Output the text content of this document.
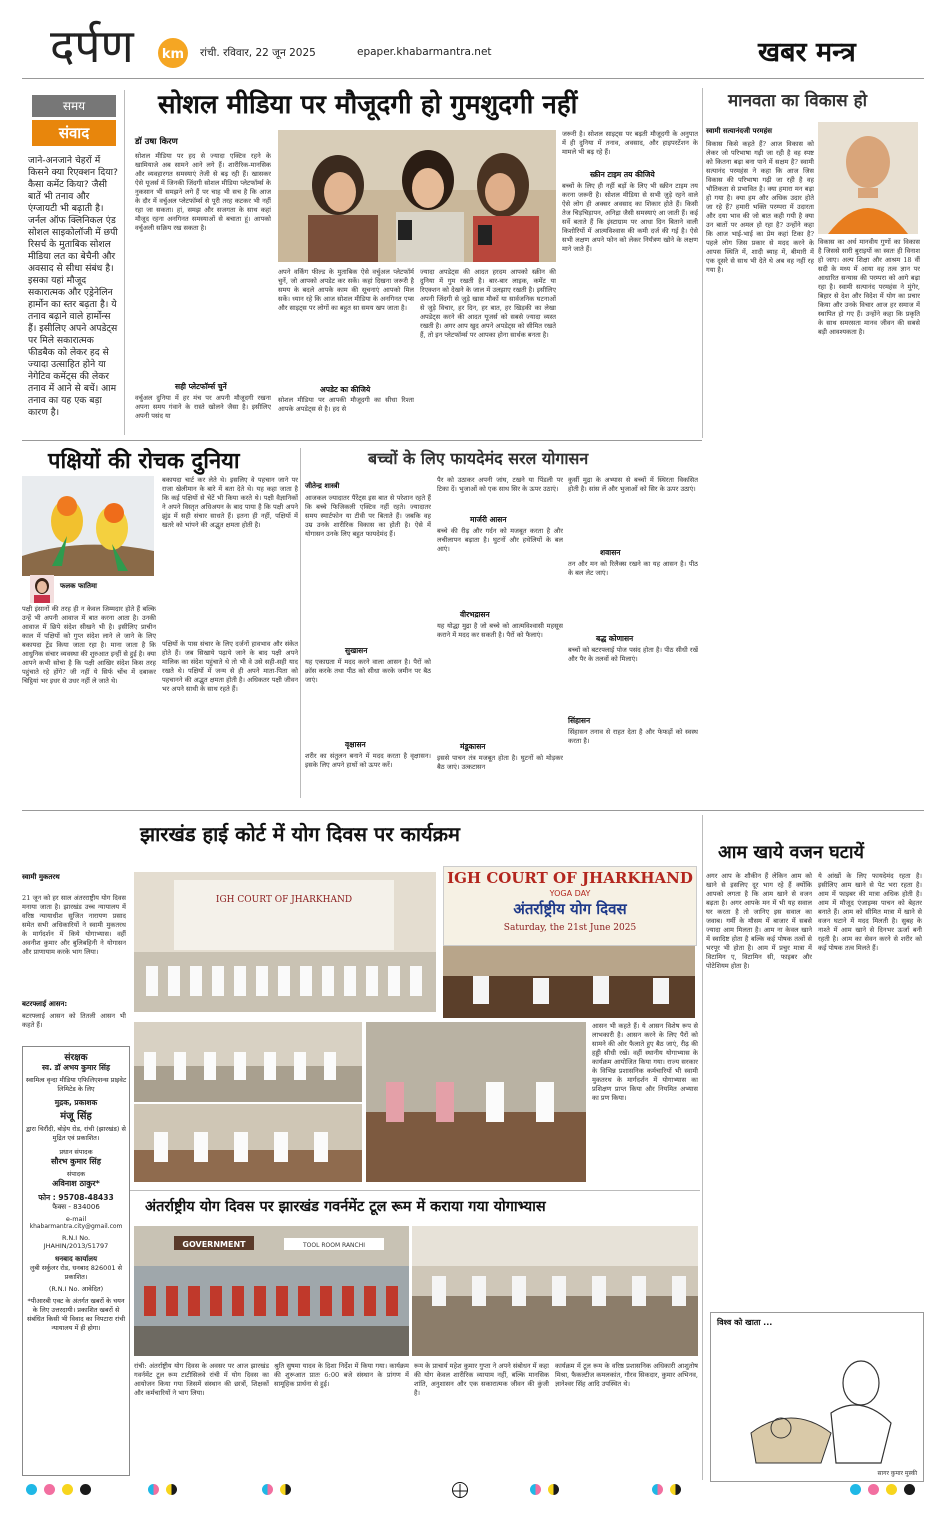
दर्पण km रांची. रविवार, 22 जून 2025	epaper.khabarmantra.net	खबर मन्त्र
समय
संवाद
जाने-अनजाने चेहरों में किसने क्या रिएक्शन दिया? कैसा कमेंट किया? जैसी बातें भी तनाव और एंग्जायटी भी बढ़ाती है। जर्नल ऑफ क्लिनिकल एंड सोशल साइकोलॉजी में छपी रिसर्च के मुताबिक सोशल मीडिया लत का बेचैनी और अवसाद से सीधा संबंध है। इसका यहां मौजूद सकारात्मक और एड्रेनेलिन हार्मोन का स्तर बढ़ता है। ये तनाव बढ़ाने वाले हार्मोन्स हैं। इसीलिए अपने अपडेट्स पर मिले सकारात्मक फीडबैक को लेकर हद से ज्यादा उत्साहित होने या नेगेटिव कमेंट्स की लेकर तनाव में आने से बचें। आम तनाव का यह एक बड़ा कारण है।
सोशल मीडिया पर मौजूदगी हो गुमशुदगी नहीं
डॉ उषा किरण
सोशल मीडिया पर हद से ज्यादा एक्टिव रहने के खामियाजे अब सामने आने लगे हैं। शारीरिक-मानसिक और व्यवहारगत समस्याएं तेजी से बढ़ रही हैं। खासकर ऐसे यूजर्स में जिनकी जिंदगी सोशल मीडिया प्लेटफॉर्म्स के नुकसान भी समझने लगे हैं पर चाह भी सच है कि आज के दौर में वर्चुअल प्लेटफॉर्म्स से पूरी तरह कटकर भी नहीं रहा जा सकता। हां, समझ और सजगता के साथ कहां मौजूद रहना अनगिनत समस्याओं से बचाता हूं। आपको वर्चुअली सक्रिय रख सकता है।
सही प्लेटफॉर्म्स चुनें
वर्चुअल दुनिया में हर मंच पर अपनी मौजूदगी रखना अपना समय गंवाने के रास्ते खोलने जैसा है। इसीलिए अपनी पसंद या
अपने वर्किंग फील्ड के मुताबिक ऐसे वर्चुअल प्लेटफॉर्म चुनें, जो आपको अपडेट कर सकें। कहां दिखना जरूरी है समय के बदले आपके काम की सूचनाएं आपको मिल सकें। ध्यान रहे कि आज सोशल मीडिया के अनगिनत एप्स और साइट्स पर लोगों का बहुत सा समय खप जाता है।
अपडेट का कीजिये
सोशल मीडिया पर आपकी मौजूदगी का सीधा रिश्ता आपके अपडेट्स से है। हद से
ज्यादा अपडेट्स की आदत हरदम आपको स्क्रीन की दुनिया में गुम रखती है। बार-बार लाइक, कमेंट या रिएक्शन को देखने के जाल में उलझाए रखती है। इसीलिए अपनी जिंदगी से जुड़े खास मौकों या सार्वजनिक घटनाओं से जुड़े विचार, हर दिन, हर बात, हर खिड़की का लेखा अपडेट्स करने की आदत यूजर्स को सबसे ज्यादा व्यस्त रखती है। अगर आप खुद अपने अपडेट्स को सीमित रखते हैं, तो इन प्लेटफॉर्म्स पर आपका होना सार्थक बनता है।
जरूरी है। सोशल साइट्स पर बढ़ती मौजूदगी के अनुपात में ही दुनिया में तनाव, अवसाद, और हाइपरटेंशन के मामले भी बढ़ रहे हैं।
स्क्रीन टाइम तय कीजिये
बच्चों के लिए ही नहीं बड़ों के लिए भी स्क्रीन टाइम तय करना जरूरी है। सोशल मीडिया से सभी ज़ुड़े रहने वाले ऐसे लोग ही अक्सर अवसाद का शिकार होते हैं। किसी तेज चिड़चिड़ापन, अनिद्रा जैसी समस्याएं आ जाती हैं। कई सर्वे बताते हैं कि इंस्टाग्राम पर आधा दिन बिताने वाली किशोरियों में आत्मविश्वास की कमी दर्ज की गई है। ऐसे सभी लक्षण अपने फोन को लेकर निर्यंत्रण खोने के लक्षण माने जाते हैं।
मानवता का विकास हो
स्वामी सत्यानंदजी परमहंस
विकास किसे कहते हैं? आज विकास को लेकर जो परिभाषा गढ़ी जा रही है वह स्पष्ट को कितना बढ़ा बना पाने में सक्षम है? स्वामी सत्यानंद परमहंस ने कहा कि आज जिस विकास की परिभाषा गढ़ी जा रही है वह भौतिकता से प्रभावित है। क्या हमारा मन बढ़ा हो गया है। क्या हम और अधिक उदार होते जा रहे हैं? हमारी भक्ति परम्परा में उदारता और दया भाव की जो बात कही गयी है क्या उन बातों पर अमल हो रहा है? उन्होंने कहा कि आज भाई-भाई का प्रेम कहां टिका है? पहले लोग जिस प्रकार से मदद करने के आपस स्थिति में, शादी ब्याह में, बीमारी में एक दूसरे से साथ भी देते थे अब वह नहीं रह गया है।
विकास का अर्थ मानवीय गुणों का विकास है जिससे सारी बुराइयों का स्वतः ही विनाश हो जाए। अल्प शिक्षा और आश्रम 18 वीं सदी के मध्य में आया वह तत्व ज्ञान पर आधारित सन्यास की परम्परा को आगे बढ़ा रहा है। स्वामी सत्यानंद परमहंस ने मुंगेर, बिहार से देश और विदेश में योग का प्रचार किया और उनके विचार आज हर समाज में स्थापित हो गए हैं। उन्होंने कहा कि प्रकृति के साथ समरसता मानव जीवन की सबसे बड़ी आवश्यकता है।
पक्षियों की रोचक दुनिया
फलक फातिमा
पक्षी इंसानों की तरह ही न केवल जिम्मदार होते हैं बल्कि उन्हें भी अपनी आवाज में बात करना आता है। उनकी आवाज में छिपे संदेश सीखने भी है। इसीलिए प्राचीन काल में पक्षियों को गुप्त संदेश लाने ले जाने के लिए बकायदा ट्रेंड किया जाता रहा है। माना जाता है कि आधुनिक संचार व्यवस्था की शुरुआत इन्हीं से हुई है। क्या आपने कभी सोचा है कि पक्षी आखिर संदेश किस तरह पहुंचाते रहे होंगे? जी नहीं ये सिर्फ चोंच में दबाकर चिट्ठियां भर इधर से उधर नहीं ले जाते थे।
बकायदा चार्ट कर लेते थे। इसलिए वे पहचान जाने पर राजा खेलीमान के बारे में बता देते थे। यह कहा जाता है कि कई पक्षियों से चेटें भी किया करते थे। पक्षी वैज्ञानिकों ने अपने विस्तृत अधिअयन के बाद पाया है कि पक्षी अपने झुंड में सही संचार साधते हैं। इतना ही नहीं, पक्षियों में खतरे को भांपने की अद्भुत क्षमता होती है।
पक्षियों के पास संचार के लिए दर्जनों हावभाव और संकेत होते हैं। जब सिखाये पढ़ाये जाने के बाद पक्षी अपने मालिक का संदेश पहुंचाते थे तो भी वे उसे सही-सही याद रखते थे। पक्षियों में जन्म से ही अपने माता-पिता को पहचानने की अद्भुत क्षमता होती है। अधिकतर पक्षी जीवन भर अपने साथी के साथ रहते हैं।
बच्चों के लिए फायदेमंद सरल योगासन
जीतेन्द्र शास्त्री
आजकल ज्यादातर पैरेंट्स इस बात से परेशान रहते हैं कि बच्चे फिजिकली एक्टिव नहीं रहते। ज्यादातर समय स्मार्टफोन या टीवी पर बिताते हैं। जबकि वह उम्र उनके शारीरिक विकास का होती है। ऐसे में योगासन उनके लिए बहुत फायदेमंद हैं।
सुखासन
यह एकाग्रता में मदद करने वाला आसन है। पैरों को क्रॉस करके तथा पीठ को सीधा करके जमीन पर बैठ जाएं।
वृक्षासन
शरीर का संतुलन बनाने में मदद करता है वृक्षासन। इसके लिए अपने हाथों को ऊपर करें।
पैर को उठाकर अपनी जांघ, टखने या पिंडली पर टिका दें। भुजाओं को एक साथ सिर के ऊपर उठाएं।
मार्जरी आसन
बच्चे की रीढ़ और गर्दन को मजबूत करता है और लचीलापन बढ़ाता है। घुटनों और हथेलियों के बल आएं।
वीरभद्रासन
यह योद्धा मुद्रा है जो बच्चे को आत्मविश्वासी महसूस कराने में मदद कर सकती है। पैरों को फैलाएं।
मंडूकासन
इससे पाचन तंत्र मजबूत होता है। घुटनों को मोड़कर बैठ जाएं। उत्कटासन
कुर्सी मुद्रा के अभ्यास से बच्चों में स्थिरता विकसित होती है। सांस लें और भुजाओं को सिर के ऊपर उठाएं।
शवासन
तन और मन को रिलैक्स रखने का यह आसन है। पीठ के बल लेट जाएं।
बद्ध कोणासन
बच्चों को बटरफ्लाई पोज पसंद होता है। पीठ सीधी रखें और पैर के तलवों को मिलाएं।
सिंहासन
सिंहासन तनाव से राहत देता है और फेफड़ों को स्वस्थ करता है।
झारखंड हाई कोर्ट में योग दिवस पर कार्यक्रम
स्वामी मुकतरथ
21 जून को हर साल अंतरराष्ट्रीय योग दिवस मनाया जाता है। झारखंड उच्च न्यायालय में वरिष्ठ न्यायाधीश सुजित नारायण प्रसाद समेत सभी अधिकारियों ने स्वामी मुकतरथ के मार्गदर्शन में किये योगाभ्यास। वहीं अवनीश कुमार और बुलिबहिनी ने योगासन और प्राणायाम करके भाग लिया।
बटरफ्लाई आसन:
बटरफ्लाई आसन को तितली आसन भी कहते हैं।
IGH COURT OF JHARKHAND
IGH COURT OF JHARKHAND
YOGA DAY
अंतर्राष्ट्रीय योग दिवस
Saturday, the 21st June 2025
आसन भी कहते हैं। ये आसन विशेष रूप से लाभकारी है। आसन करने के लिए पैरों को सामने की ओर फैलाते हुए बैठ जाएं, रीढ़ की हड्डी सीधी रखें। वहीं स्थानीय योगाभ्यास के कार्यक्रम आयोजित किया गया। राज्य सरकार के विभिन्न प्रशासनिक कर्मचारियों भी स्वामी मुकतरथ के मार्गदर्शन में योगाभ्यास का प्रशिक्षण प्राप्त किया और नियमित अभ्यास का प्रण किया।
आम खाये वजन घटायें
अगर आप के शौकीन हैं लेकिन आम को खाने से इसलिए दूर भाग रहे हैं क्योंकि आपको लगता है कि आम खाने से वजन बढ़ता है। अगर आपके मन में भी यह सवाल घर करता है तो जानिए इस सवाल का जवाब। गर्मी के मौसम में बाजार में सबसे ज्यादा आम मिलता है। आम ना केवल खाने में स्वादिष्ट होता है बल्कि कई पोषक तत्वों से भरपूर भी होता है। आम में प्रचुर मात्रा में विटामिन ए, विटामिन सी, फाइबर और पोटेशियम होता है।
ये आंखों के लिए फायदेमंद रहता है। इसीलिए आम खाने से पेट भरा रहता है। आम में फाइबर की मात्रा अधिक होती है। आम में मौजूद एंजाइम्स पाचन को बेहतर बनाते हैं। आम को सीमित मात्रा में खाने से वजन घटाने में मदद मिलती है। सुबह के नाश्ते में आम खाने से दिनभर ऊर्जा बनी रहती है। आम का सेवन करने से शरीर को कई पोषक तत्व मिलते हैं।
विश्व को खाता ...
सागर कुमार मुस्की
अंतर्राष्ट्रीय योग दिवस पर झारखंड गवर्नमेंट टूल रूम में कराया गया योगाभ्यास
GOVERNMENT	TOOL ROOM RANCHI
रांची: अंतर्राष्ट्रीय योग दिवस के अवसर पर आज झारखंड गवर्नमेंट टूल रूम टाटीसिलवे रांची में योग दिवस का आयोजन किया गया जिसमें संस्थान की छात्रों, शिक्षकों और कर्मचारियों ने भाग लिया।
श्रुति सुषमा यादव के दिशा निर्देश में किया गया। कार्यक्रम की शुरूआत प्रातः 6:00 बजे संस्थान के प्रांगण में सामूहिक प्रार्थना से हुई।
रूम के प्राचार्य महेश कुमार गुप्ता ने अपने संबोधन में कहा की योग केवल शारीरिक व्यायाम नहीं, बल्कि मानसिक शांति, अनुशासन और एक सकारात्मक जीवन की कुंजी है।
कार्यक्रम में टूल रूम के वरिष्ठ प्रशासनिक अधिकारी आशुतोष मिश्रा, फैकल्टीज कमलकांत, गौरव सिकदार, कुमार अभिनव, ज्ञानेश्वर सिंह आदि उपस्थित थे।
संरक्षक
स्व. डॉ अभय कुमार सिंह
स्वामित्व वृन्दा मीडिया एफिलिएशन्स प्राइवेट लिमिटेड के लिए
मुद्रक, प्रकाशक
मंजू सिंह
द्वारा चिरौंदी, बोड़ेय रोड, रांची (झारखंड) से मुद्रित एवं प्रकाशित।
प्रधान संपादक
सौरभ कुमार सिंह
संपादक
अविनाश ठाकुर*
फोन : 95708-48433
फैक्स - 834006
e-mail
khabarmantra.city@gmail.com
R.N.I No.
JHAHIN/2013/51797
धनबाद कार्यालय
लुबी सर्कुलर रोड, धनबाद 826001 से प्रकाशित।
(R.N.I No. आवेदित)
*पीआरबी एक्ट के अंतर्गत खबरों के चयन के लिए उत्तरदायी। प्रकाशित खबरों से संबंधित किसी भी विवाद का निपटारा रांची न्यायालय में ही होगा।
